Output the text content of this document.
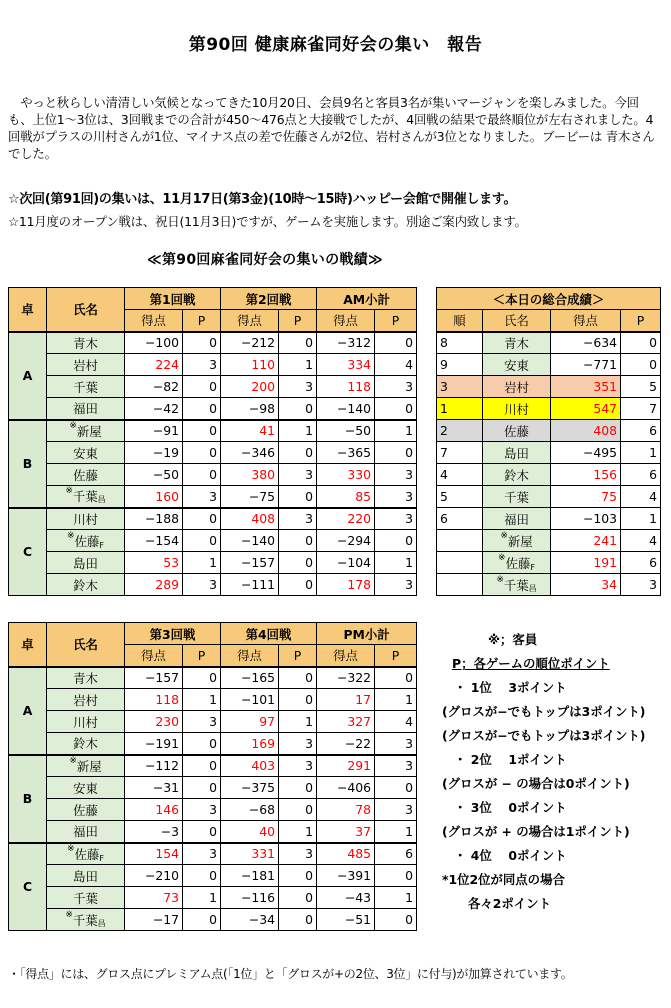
第90回 健康麻雀同好会の集い　報告
　やっと秋らしい清清しい気候となってきた10月20日、会員9名と客員3名が集いマージャンを楽しみました。今回も、上位1～3位は、3回戦までの合計が450～476点と大接戦でしたが、4回戦の結果で最終順位が左右されました。4回戦がプラスの川村さんが1位、マイナス点の差で佐藤さんが2位、岩村さんが3位となりました。ブービーは 青木さんでした。
☆次回(第91回)の集いは、11月17日(第3金)(10時～15時)ハッピー会館で開催します。
☆11月度のオープン戦は、祝日(11月3日)ですが、ゲームを実施します。別途ご案内致します。
≪第90回麻雀同好会の集いの戦績≫
卓	氏名	第1回戦		第2回戦		AM小計	
		得点	P	得点	P	得点	P
A	青木	−100	0	−212	0	−312	0
	岩村	224	3	110	1	334	4
	千葉	−82	0	200	3	118	3
	福田	−42	0	−98	0	−140	0
B	※新屋	−91	0	41	1	−50	1
	安東	−19	0	−346	0	−365	0
	佐藤	−50	0	380	3	330	3
	※千葉昌	160	3	−75	0	85	3
C	川村	−188	0	408	3	220	3
	※佐藤F	−154	0	−140	0	−294	0
	島田	53	1	−157	0	−104	1
	鈴木	289	3	−111	0	178	3
卓	氏名	第3回戦		第4回戦		PM小計	
		得点	P	得点	P	得点	P
A	青木	−157	0	−165	0	−322	0
	岩村	118	1	−101	0	17	1
	川村	230	3	97	1	327	4
	鈴木	−191	0	169	3	−22	3
B	※新屋	−112	0	403	3	291	3
	安東	−31	0	−375	0	−406	0
	佐藤	146	3	−68	0	78	3
	福田	−3	0	40	1	37	1
C	※佐藤F	154	3	331	3	485	6
	島田	−210	0	−181	0	−391	0
	千葉	73	1	−116	0	−43	1
	※千葉昌	−17	0	−34	0	−51	0
＜本日の総合成績＞			
順	氏名	得点	P
8	青木	−634	0
9	安東	−771	0
3	岩村	351	5
1	川村	547	7
2	佐藤	408	6
7	島田	−495	1
4	鈴木	156	6
5	千葉	75	4
6	福田	−103	1
	※新屋	241	4
	※佐藤F	191	6
	※千葉昌	34	3
※；客員
P；各ゲームの順位ポイント
・ 1位　 3ポイント
(グロスが−でもトップは3ポイント)
(グロスが−でもトップは3ポイント)
・ 2位　 1ポイント
(グロスが − の場合は0ポイント)
・ 3位　 0ポイント
(グロスが + の場合は1ポイント)
・ 4位　 0ポイント
*1位2位が同点の場合
各々2ポイント
・「得点」には、グロス点にプレミアム点(「1位」と「グロスが+の2位、3位」に付与)が加算されています。
